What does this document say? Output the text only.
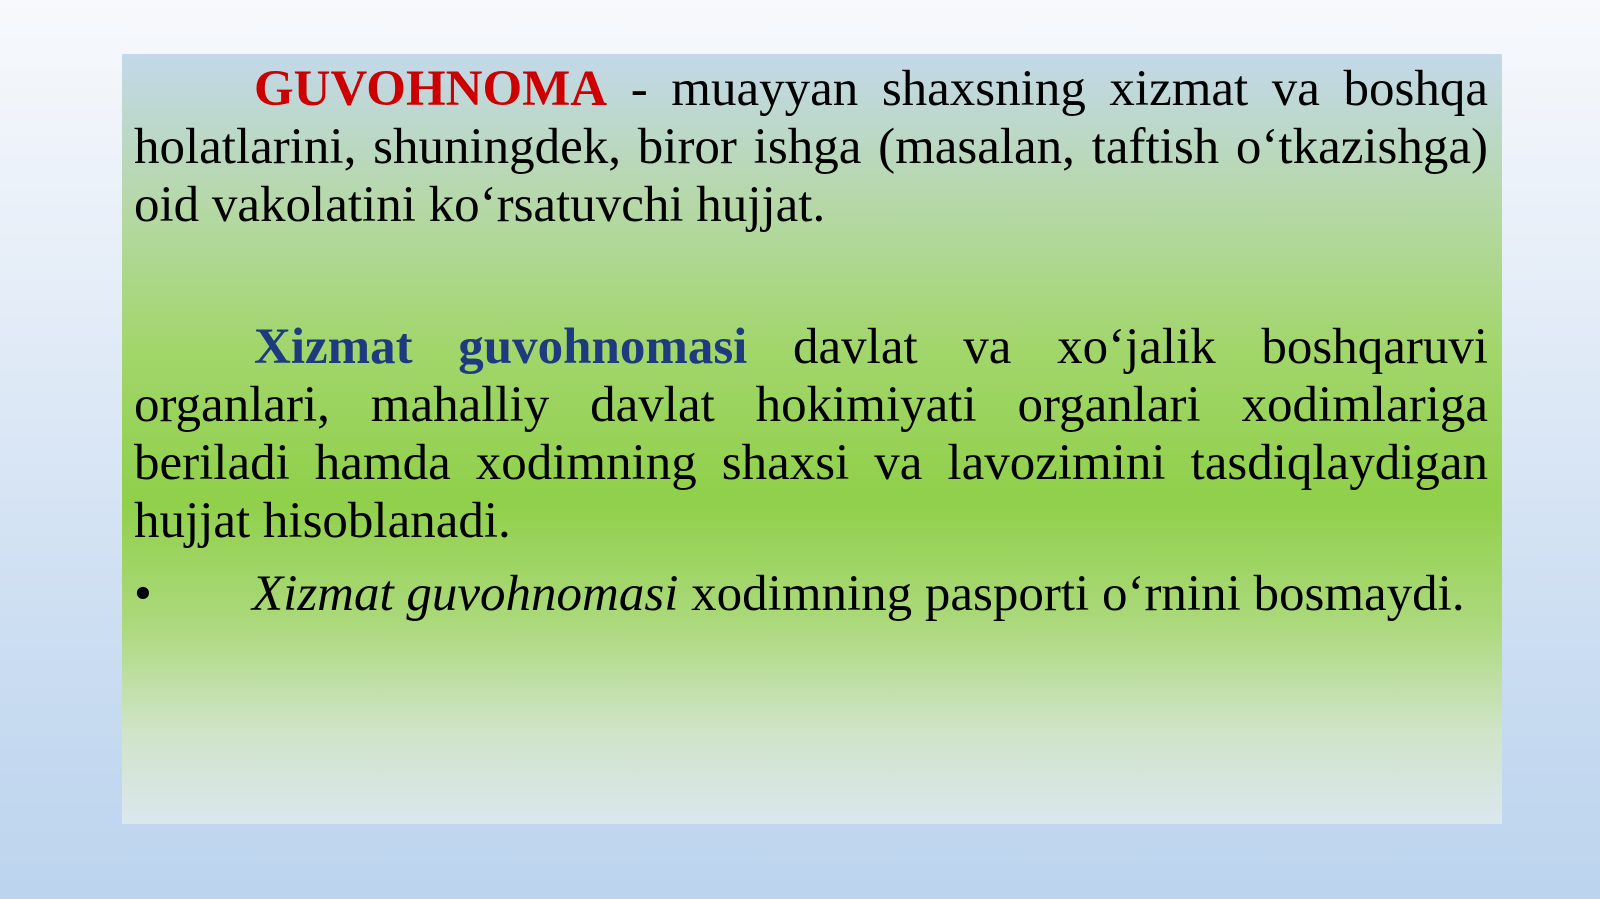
GUVOHNOMA - muayyan shaxsning xizmat va boshqa holatlarini, shuningdek, biror ishga (masalan, taftish o‘tkazishga) oid vakolatini ko‘rsatuvchi hujjat.
Xizmat guvohnomasi davlat va xo‘jalik boshqaruvi organlari, mahalliy davlat hokimiyati organlari xodimlariga beriladi hamda xodimning shaxsi va lavozimini tasdiqlaydigan hujjat hisoblanadi.
•	Xizmat guvohnomasi xodimning pasporti o‘rnini bosmaydi.
